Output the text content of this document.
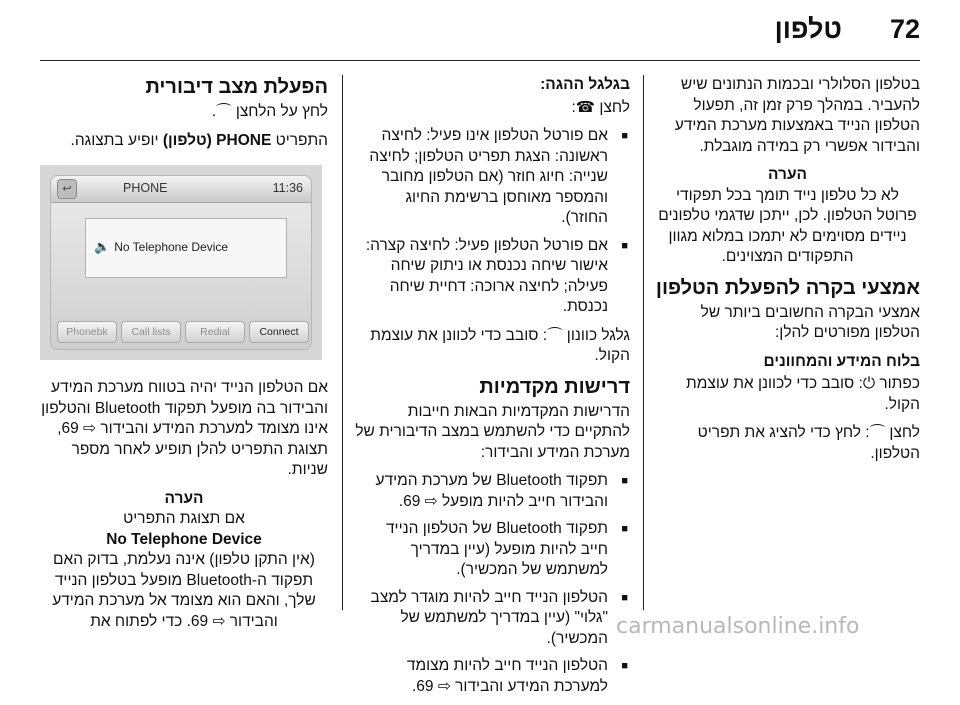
72
טלפון

בטלפון הסלולרי ובכמות הנתונים שיש להעביר. במהלך פרק זמן זה, תפעול הטלפון הנייד באמצעות מערכת המידע והבידור אפשרי רק במידה מוגבלת.

הערה
לא כל טלפון נייד תומך בכל תפקודי פרוטל הטלפון. לכן, ייתכן שדגמי טלפונים ניידים מסוימים לא יתמכו במלוא מגוון התפקודים המצוינים.
אמצעי בקרה להפעלת הטלפון

אמצעי הבקרה החשובים ביותר של הטלפון מפורטים להלן:

בלוח המידע והמחוונים

כפתור ⏻: סובב כדי לכוונן את עוצמת הקול.

לחצן ⌒: לחץ כדי להציג את תפריט הטלפון.

בגלגל ההגה:

לחצן ☎:

■ אם פורטל הטלפון אינו פעיל: לחיצה ראשונה: הצגת תפריט הטלפון; לחיצה שנייה: חיוג חוזר (אם הטלפון מחובר והמספר מאוחסן ברשימת החיוג החוזר).
■ אם פורטל הטלפון פעיל: לחיצה קצרה: אישור שיחה נכנסת או ניתוק שיחה פעילה; לחיצה ארוכה: דחיית שיחה נכנסת.

גלגל כוונון ⌒: סובב כדי לכוונן את עוצמת הקול.

דרישות מקדמיות

הדרישות המקדמיות הבאות חייבות להתקיים כדי להשתמש במצב הדיבורית של מערכת המידע והבידור:

■ תפקוד Bluetooth של מערכת המידע והבידור חייב להיות מופעל ⇨ 69.
■ תפקוד Bluetooth של הטלפון הנייד חייב להיות מופעל (עיין במדריך למשתמש של המכשיר).
■ הטלפון הנייד חייב להיות מוגדר למצב "גלוי" (עיין במדריך למשתמש של המכשיר).
■ הטלפון הנייד חייב להיות מצומד למערכת המידע והבידור ⇨ 69.
הפעלת מצב דיבורית

לחץ על הלחצן ⌒.

התפריט PHONE (טלפון) יופיע בתצוגה.

↩	PHONE	11:36
🔈 No Telephone Device
Phonebk	Call lists	Redial	Connect

אם הטלפון הנייד יהיה בטווח מערכת המידע והבידור בה מופעל תפקוד Bluetooth והטלפון אינו מצומד למערכת המידע והבידור ⇨ 69, תצוגת התפריט להלן תופיע לאחר מספר שניות.

הערה
אם תצוגת התפריט
No Telephone Device
(אין התקן טלפון) אינה נעלמת, בדוק האם תפקוד ה-Bluetooth מופעל בטלפון הנייד שלך, והאם הוא מצומד אל מערכת המידע והבידור ⇨ 69. כדי לפתוח את	carmanualsonline.info
